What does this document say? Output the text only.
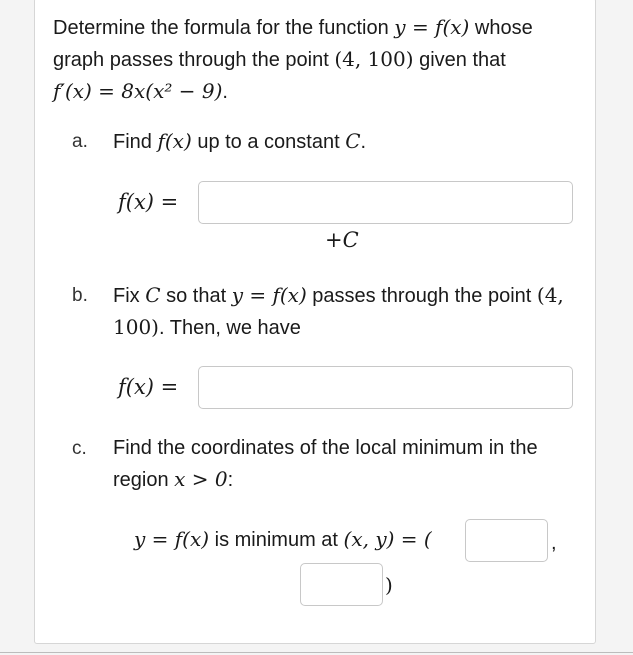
Determine the formula for the function y = f(x) whose graph passes through the point (4, 100) given that
f′(x) = 8x(x² − 9).
a. Find f(x) up to a constant C.
f(x) =
+C
b. Fix C so that y = f(x) passes through the point (4, 100). Then, we have
f(x) =
c. Find the coordinates of the local minimum in the region x > 0:
y = f(x) is minimum at (x, y) = (	,
)
